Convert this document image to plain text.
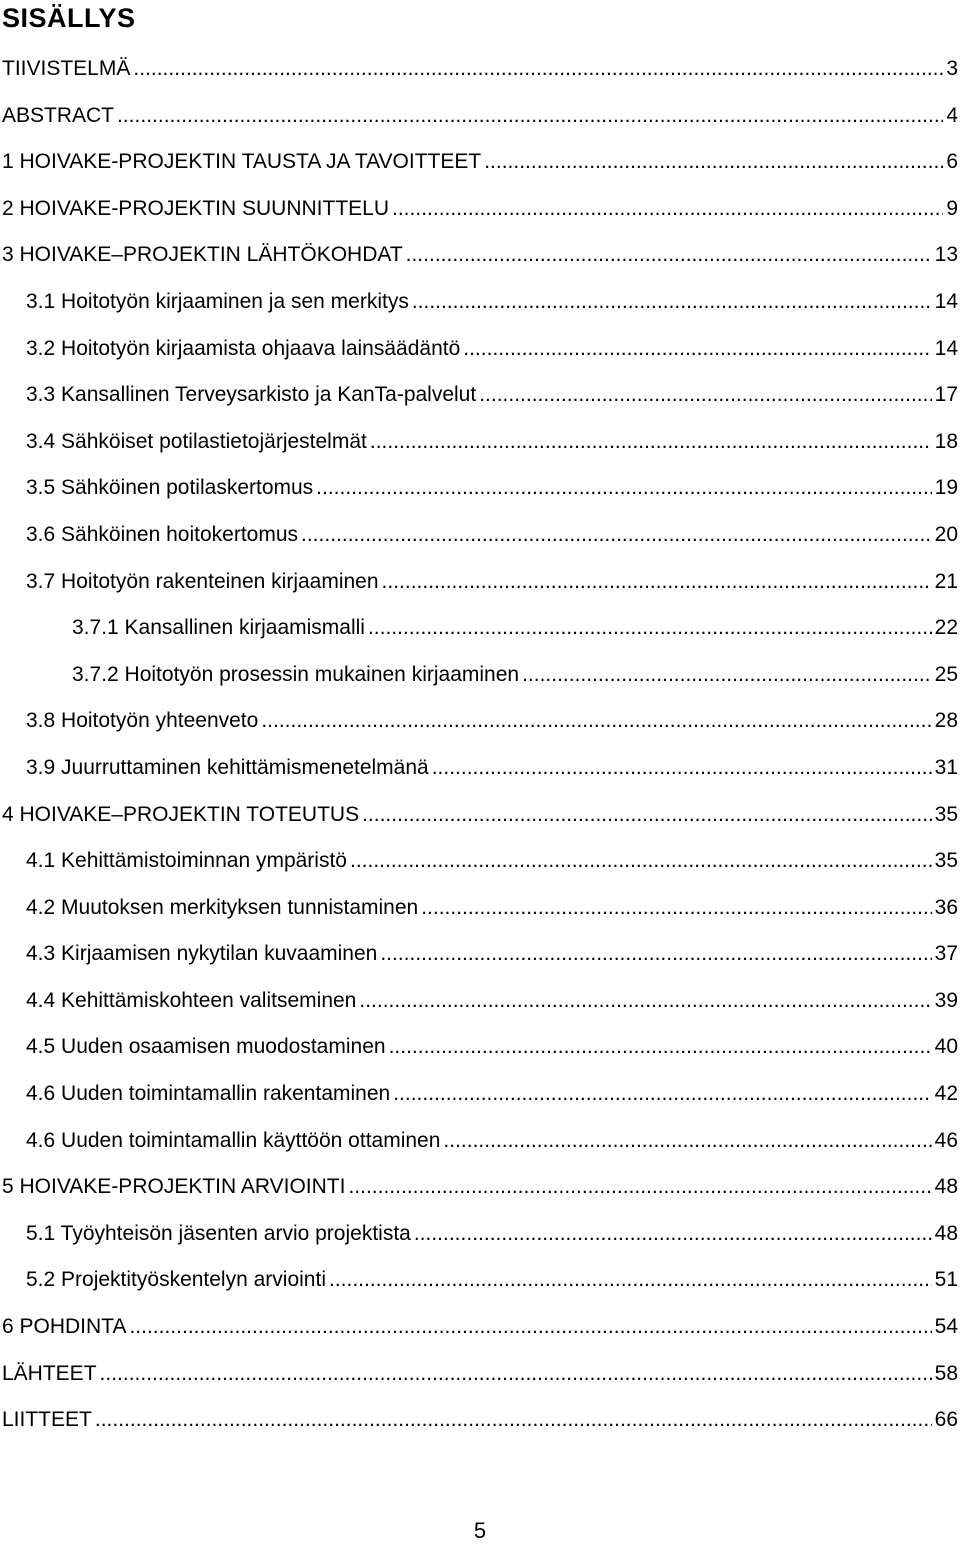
SISÄLLYS
TIIVISTELMÄ .....	3
ABSTRACT .....	4
1 HOIVAKE-PROJEKTIN TAUSTA JA TAVOITTEET .....	6
2 HOIVAKE-PROJEKTIN SUUNNITTELU .....	9
3 HOIVAKE–PROJEKTIN LÄHTÖKOHDAT .....	13
3.1 Hoitotyön kirjaaminen ja sen merkitys .....	14
3.2 Hoitotyön kirjaamista ohjaava lainsäädäntö .....	14
3.3 Kansallinen Terveysarkisto ja KanTa-palvelut .....	17
3.4 Sähköiset potilastietojärjestelmät .....	18
3.5 Sähköinen potilaskertomus .....	19
3.6 Sähköinen hoitokertomus .....	20
3.7 Hoitotyön rakenteinen kirjaaminen .....	21
3.7.1 Kansallinen kirjaamismalli .....	22
3.7.2 Hoitotyön prosessin mukainen kirjaaminen .....	25
3.8 Hoitotyön yhteenveto .....	28
3.9 Juurruttaminen kehittämismenetelmänä .....	31
4 HOIVAKE–PROJEKTIN TOTEUTUS .....	35
4.1 Kehittämistoiminnan ympäristö .....	35
4.2 Muutoksen merkityksen tunnistaminen .....	36
4.3 Kirjaamisen nykytilan kuvaaminen .....	37
4.4 Kehittämiskohteen valitseminen .....	39
4.5 Uuden osaamisen muodostaminen .....	40
4.6 Uuden toimintamallin rakentaminen .....	42
4.6 Uuden toimintamallin käyttöön ottaminen .....	46
5 HOIVAKE-PROJEKTIN ARVIOINTI .....	48
5.1 Työyhteisön jäsenten arvio projektista .....	48
5.2 Projektityöskentelyn arviointi .....	51
6 POHDINTA .....	54
LÄHTEET .....	58
LIITTEET .....	66
5
